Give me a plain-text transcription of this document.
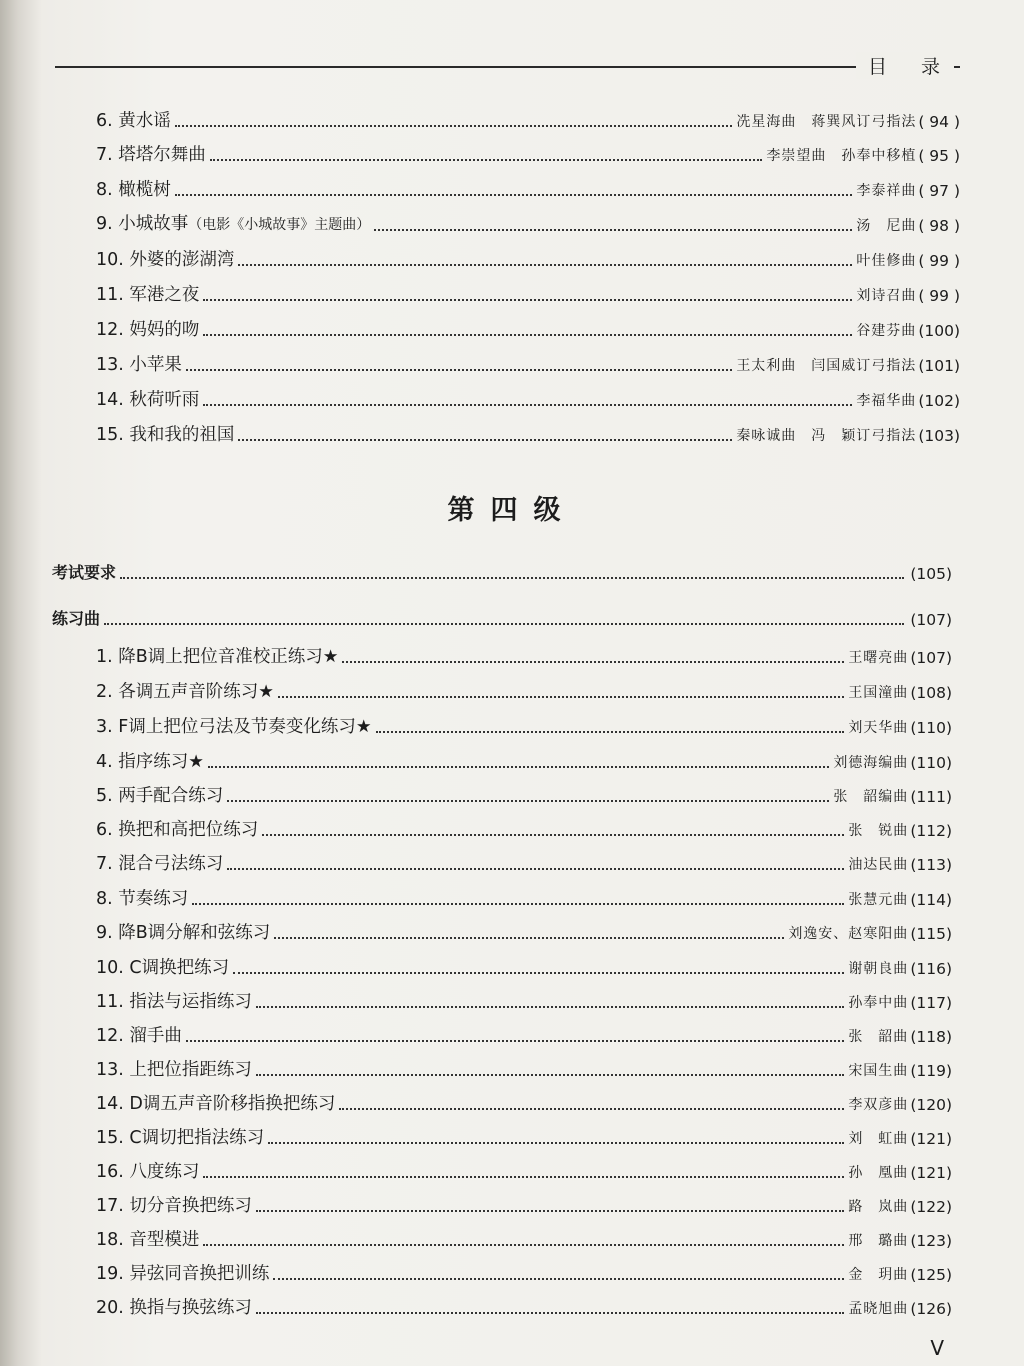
目 录
6. 黄水谣	冼星海曲　蒋巽风订弓指法 ( 94 )
7. 塔塔尔舞曲	李崇望曲　孙奉中移植 ( 95 )
8. 橄榄树	李泰祥曲 ( 97 )
9. 小城故事（电影《小城故事》主题曲）	汤　尼曲 ( 98 )
10. 外婆的澎湖湾	叶佳修曲 ( 99 )
11. 军港之夜	刘诗召曲 ( 99 )
12. 妈妈的吻	谷建芬曲 (100)
13. 小苹果	王太利曲　闫国威订弓指法 (101)
14. 秋荷听雨	李福华曲 (102)
15. 我和我的祖国	秦咏诚曲　冯　颖订弓指法 (103)
第四级
考试要求	(105)
练习曲	(107)
1. 降B调上把位音准校正练习★	王曙亮曲 (107)
2. 各调五声音阶练习★	王国潼曲 (108)
3. F调上把位弓法及节奏变化练习★	刘天华曲 (110)
4. 指序练习★	刘德海编曲 (110)
5. 两手配合练习	张　韶编曲 (111)
6. 换把和高把位练习	张　锐曲 (112)
7. 混合弓法练习	油达民曲 (113)
8. 节奏练习	张慧元曲 (114)
9. 降B调分解和弦练习	刘逸安、赵寒阳曲 (115)
10. C调换把练习	谢朝良曲 (116)
11. 指法与运指练习	孙奉中曲 (117)
12. 溜手曲	张　韶曲 (118)
13. 上把位指距练习	宋国生曲 (119)
14. D调五声音阶移指换把练习	李双彦曲 (120)
15. C调切把指法练习	刘　虹曲 (121)
16. 八度练习	孙　凰曲 (121)
17. 切分音换把练习	路　岚曲 (122)
18. 音型模进	邢　璐曲 (123)
19. 异弦同音换把训练	金　玥曲 (125)
20. 换指与换弦练习	孟晓旭曲 (126)
V
